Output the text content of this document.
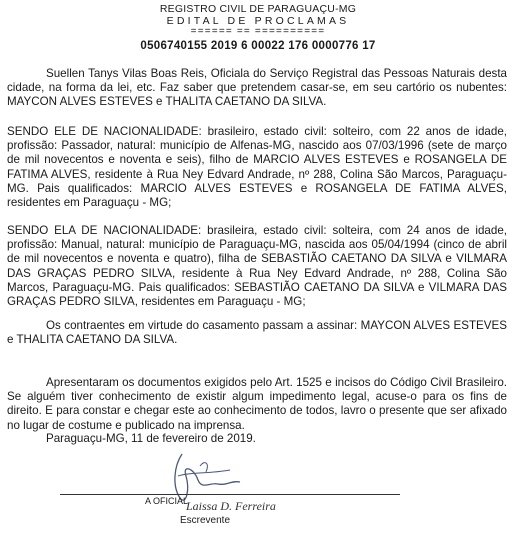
REGISTRO CIVIL DE PARAGUAÇU-MG
EDITAL DE PROCLAMAS
====== == ==========
0506740155 2019 6 00022 176 0000776 17

Suellen Tanys Vilas Boas Reis, Oficiala do Serviço Registral das Pessoas Naturais desta cidade, na forma da lei, etc. Faz saber que pretendem casar-se, em seu cartório os nubentes: MAYCON ALVES ESTEVES e THALITA CAETANO DA SILVA.

SENDO ELE DE NACIONALIDADE: brasileiro, estado civil: solteiro, com 22 anos de idade, profissão: Passador, natural: município de Alfenas-MG, nascido aos 07/03/1996 (sete de março de mil novecentos e noventa e seis), filho de MARCIO ALVES ESTEVES e ROSANGELA DE FATIMA ALVES, residente à Rua Ney Edvard Andrade, nº 288, Colina São Marcos, Paraguaçu-MG. Pais qualificados: MARCIO ALVES ESTEVES e ROSANGELA DE FATIMA ALVES, residentes em Paraguaçu - MG;

SENDO ELA DE NACIONALIDADE: brasileira, estado civil: solteira, com 24 anos de idade, profissão: Manual, natural: município de Paraguaçu-MG, nascida aos 05/04/1994 (cinco de abril de mil novecentos e noventa e quatro), filha de SEBASTIÃO CAETANO DA SILVA e VILMARA DAS GRAÇAS PEDRO SILVA, residente à Rua Ney Edvard Andrade, nº 288, Colina São Marcos, Paraguaçu-MG. Pais qualificados: SEBASTIÃO CAETANO DA SILVA e VILMARA DAS GRAÇAS PEDRO SILVA, residentes em Paraguaçu - MG;

Os contraentes em virtude do casamento passam a assinar: MAYCON ALVES ESTEVES e THALITA CAETANO DA SILVA.

Apresentaram os documentos exigidos pelo Art. 1525 e incisos do Código Civil Brasileiro. Se alguém tiver conhecimento de existir algum impedimento legal, acuse-o para os fins de direito. E para constar e chegar este ao conhecimento de todos, lavro o presente que ser afixado no lugar de costume e publicado na imprensa.

Paraguaçu-MG, 11 de fevereiro de 2019.

A OFICIAL
Laissa D. Ferreira
Escrevente
